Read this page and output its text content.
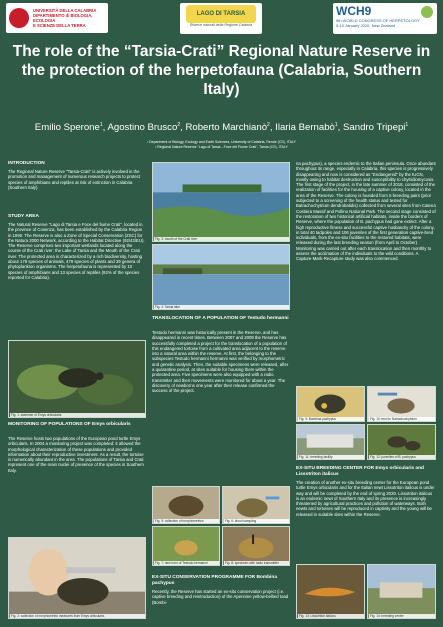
UNIVERSITÀ DELLA CALABRIA
DIPARTIMENTO di BIOLOGIA, ECOLOGIA
E SCIENZE DELLA TERRA
LAGO DI TARSIA
Riserve naturali della Regione Calabria
WCH9
9th WORLD CONGRESS OF HERPETOLOGY
5-10 January 2020, New Zealand
The role of the “Tarsia-Crati” Regional Nature Reserve in the protection of the herpetofauna (Calabria, Southern Italy)
Emilio Sperone$^1$, Agostino Brusco$^2$, Roberto Marchianò$^2$, Ilaria Bernabò$^1$, Sandro Tripepi$^1$
¹ Department of Biology, Ecology and Earth Sciences, University of Calabria, Rende (CS), ITALY
² Regional Nature Reserve "Lago di Tarsia - Foce del Fiume Crati", Tarsia (CS), ITALY
INTRODUCTION
The Regional Nature Reserve "Tarsia-Crati" is actively involved in the promotion and management of numerous research projects to protect species of amphibians and reptiles at risk of extinction in Calabria (Southern Italy).
STUDY AREA
The Natural Reserve "Lago di Tarsia e Foce del fiume Crati", located in the province of Cosenza, has been established by the Calabria Region in 1990. The Reserve is also a Zone of Special Conservation (ZSC) for the Natura 2000 Network, according to the Habitat Directive (92/43/EU). The Reserve comprises two important wetlands located along the course of the Crati river: the Lake of Tarsia and the Mouth of the Crati river. The protected area is characterized by a rich biodiversity, hosting about 179 species of animals, 479 species of plants and 39 genera of phytoplankton organisms. The herpetofauna is represented by 10 species of amphibians and 13 species of reptiles (92% of the species reported for Calabria).
Fig. 1: swimmer of Emys orbicularis
MONITORING OF POPULATIONS OF Emys orbicularis
The Reserve hosts two populations of the European pond turtle Emys orbicularis. In 2004 a monitoring project was completed: it allowed the morphological characterization of these populations and provided information about their reproductive investment. As a result, the tortoise is numerically abundant in the area. The populations of Tarsia and Crati represent one of the main nuclei of presence of the species in Southern Italy.
Fig. 2: collection of morphometric measures from Emys orbicularis
Fig. 3: mouth of the Crati river
Fig. 4: Tarsia lake
TRANSLOCATION OF A POPULATION OF Testudo hermanni
Testudo hermanni was historically present in the Reserve, and has disappeared in recent times. Between 2007 and 2009 the Reserve has successfully completed a project for the translocation of a population of this endangered tortoise from a cultivated area adjacent to the reserve into a natural area within the reserve. At first, the belonging to the subspecies Testudo hermanni hermanni was verified by morphometric and genetic analysis. Then, the suitable specimens were released, after a quarantine period, at sites suitable for housing them within the protected area. Five specimens were also equipped with a radio transmitter and their movements were monitored for about a year. The discovery of newborns one year after their release confirmed the success of the project.
Fig. 5: collection of morphometrics	Fig. 6: blood sampling
Fig. 7: new born of Testudo hermanni	Fig. 8: specimen with radio transmitter
EX-SITU CONSERVATION PROGRAMME FOR Bombina pachypus
Recently, the Reserve has started an ex-situ conservation project (i.e. captive breeding and reintroduction) of the Apennine yellow-bellied toad (Bombi-
na pachypus), a species endemic to the Italian peninsula. Once abundant throughout its range, especially in Calabria, this species is progressively disappearing and now is considered as "Endangered" by the IUCN, mostly owing to habitat destruction and susceptibility to chytridiomycosis. The first stage of the project, in the late summer of 2018, consisted of the realization of facilities for the housing of a captive colony, located in the area of the Reserve. The colony is founded from 5 breeding pairs (prior subjected to a screening of the health status and tested for Batrachochytrium dendrobatidis) collected from several sites from Catena Costiera Massif and Pollino National Park. The second stage consisted of the restoration of two historical artificial habitats, inside the borders of Reserve, where the population of B. pachypus had gone extinct. After a high reproductive fitness and successful captive husbandry of the colony, in total 40 tadpoles and 106 juveniles of the first generation captive-bred individuals, from the ex-situ facilities to the restored habitats, were released during the last breeding season (from April to October). Monitoring was carried out after each translocation and then monthly to assess the acclimation of the individuals to the wild conditions. A Capture-Mark-Recapture study was also commenced.
Fig. 9: Bombina pachypus	Fig. 10: test for Batrachochytrium
Fig. 11: breeding facility	Fig. 12: juveniles of B. pachypus
EX-SITU BREEDING CENTER FOR Emys orbicularis and Lissotriton italicus
The creation of another ex-situ breeding center for the European pond turtle Emys orbicularis and for the Italian newt Lissotriton italicus is under way and will be completed by the end of spring 2020. Lissotriton italicus is an endemic newt of Southern Italy and its presence is increasingly threatened by agricultural practices and pollution of waterways. Both newts and tortoises will be reproduced in captivity and the young will be released in suitable sites within the Reserve.
Fig. 13: Lissotriton italicus	Fig. 14: breeding center
